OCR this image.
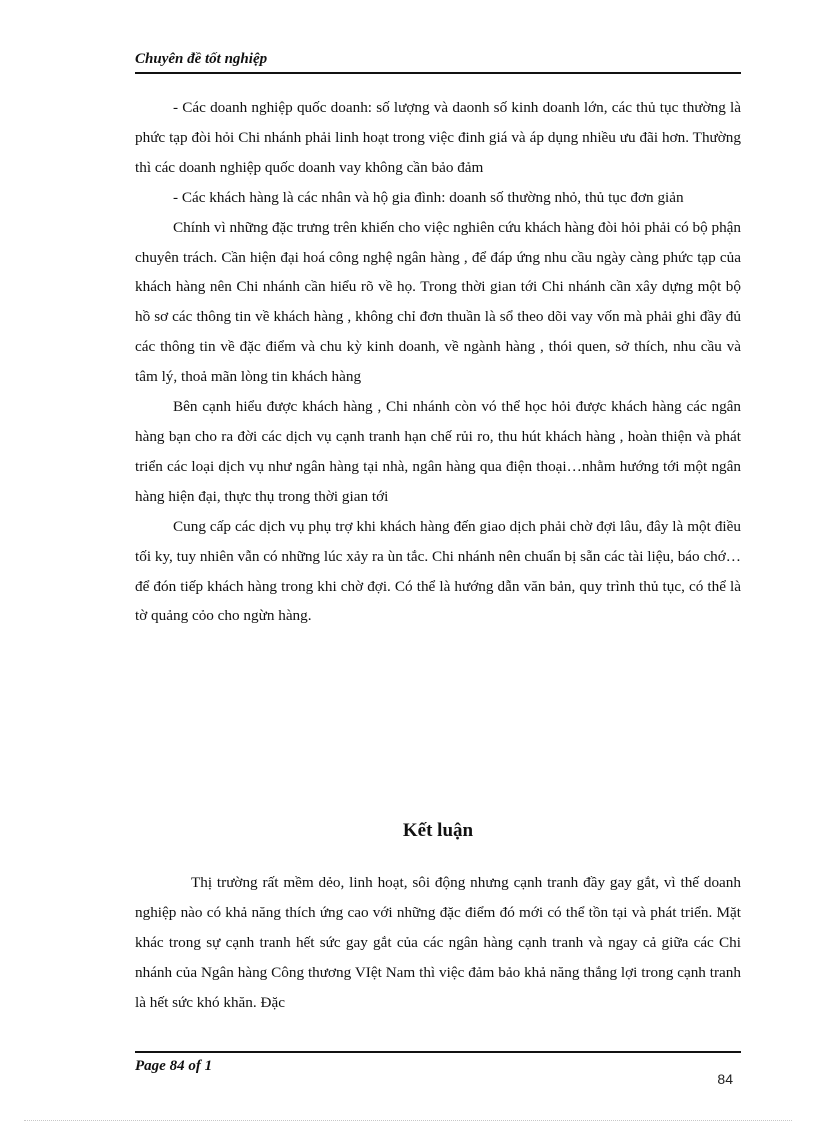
Chuyên đề tốt nghiệp

- Các doanh nghiệp quốc doanh: số lượng và daonh số kinh doanh lớn, các thủ tục thường là phức tạp đòi hỏi Chi nhánh phải linh hoạt trong việc đinh giá và áp dụng nhiều ưu đãi hơn. Thường thì các doanh nghiệp quốc doanh vay không cần bảo đảm

- Các khách hàng là các nhân và hộ gia đình: doanh số thường nhỏ, thủ tục đơn giản

Chính vì những đặc trưng trên khiến cho việc nghiên cứu khách hàng đòi hỏi phải có bộ phận chuyên trách. Cần hiện đại hoá công nghệ ngân hàng , để đáp ứng nhu cầu ngày càng phức tạp của khách hàng nên Chi nhánh cần hiểu rõ về họ. Trong thời gian tới Chi nhánh cần xây dựng một bộ hồ sơ các thông tin về khách hàng , không chỉ đơn thuần là sổ theo dõi vay vốn mà phải ghi đầy đủ các thông tin về đặc điểm và chu kỳ kinh doanh, về ngành hàng , thói quen, sở thích, nhu cầu và tâm lý, thoả mãn lòng tin khách hàng

Bên cạnh hiểu được khách hàng , Chi nhánh còn vó thể học hỏi được khách hàng các ngân hàng bạn cho ra đời các dịch vụ cạnh tranh hạn chế rủi ro, thu hút khách hàng , hoàn thiện và phát triển các loại dịch vụ như ngân hàng tại nhà, ngân hàng qua điện thoại…nhằm hướng tới một ngân hàng hiện đại, thực thụ trong thời gian tới

Cung cấp các dịch vụ phụ trợ khi khách hàng đến giao dịch phải chờ đợi lâu, đây là một điều tối ky, tuy nhiên vẫn có những lúc xảy ra ùn tắc. Chi nhánh nên chuẩn bị sẵn các tài liệu, báo chớ…để đón tiếp khách hàng trong khi chờ đợi. Có thể là hướng dẫn văn bản, quy trình thủ tục, có thể là tờ quảng cỏo cho ngừn hàng.

Kết luận

Thị trường rất mềm dẻo, linh hoạt, sôi động nhưng cạnh tranh đầy gay gắt, vì thế doanh nghiệp nào có khả năng thích ứng cao với những đặc điểm đó mới có thể tồn tại và phát triển. Mặt khác trong sự cạnh tranh hết sức gay gắt của các ngân hàng cạnh tranh và ngay cả giữa các Chi nhánh của Ngân hàng Công thương VIệt Nam thì việc đảm bảo khả năng thắng lợi trong cạnh tranh là hết sức khó khăn. Đặc

Page 84 of 1
84
